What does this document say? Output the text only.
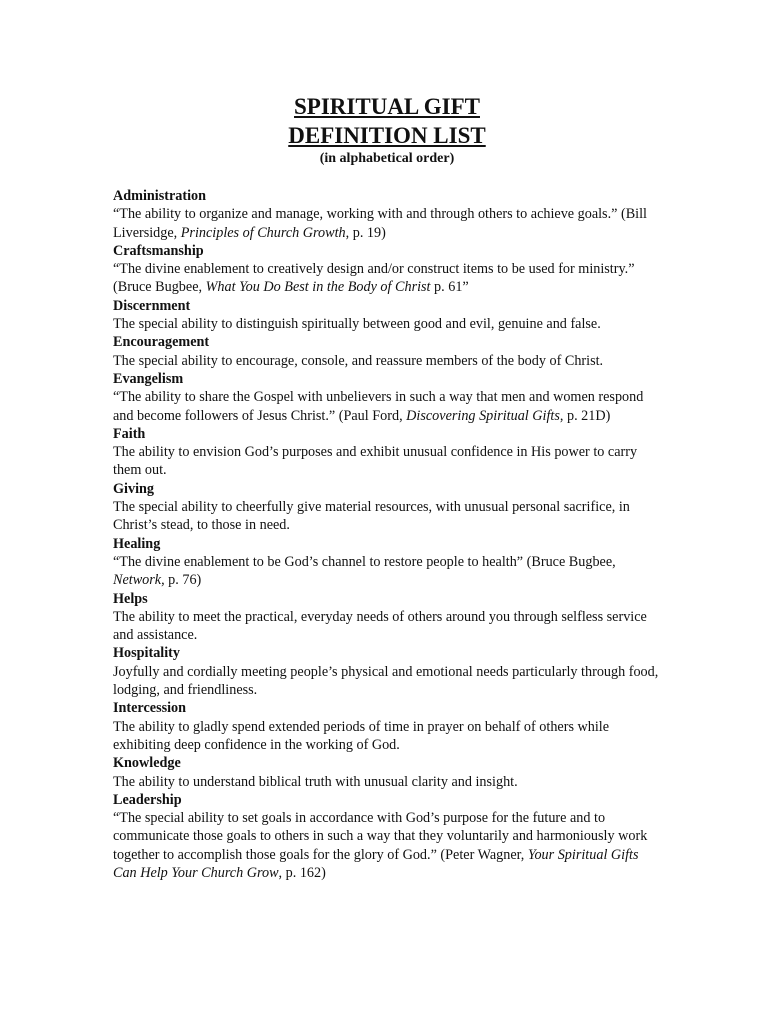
SPIRITUAL GIFT

DEFINITION LIST

(in alphabetical order)

Administration

“The ability to organize and manage, working with and through others to achieve goals.” (Bill Liversidge, Principles of Church Growth, p. 19)

Craftsmanship

“The divine enablement to creatively design and/or construct items to be used for ministry.” (Bruce Bugbee, What You Do Best in the Body of Christ p. 61”

Discernment

The special ability to distinguish spiritually between good and evil, genuine and false.

Encouragement

The special ability to encourage, console, and reassure members of the body of Christ.

Evangelism

“The ability to share the Gospel with unbelievers in such a way that men and women respond and become followers of Jesus Christ.” (Paul Ford, Discovering Spiritual Gifts, p. 21D)

Faith

The ability to envision God’s purposes and exhibit unusual confidence in His power to carry them out.

Giving

The special ability to cheerfully give material resources, with unusual personal sacrifice, in Christ’s stead, to those in need.

Healing

“The divine enablement to be God’s channel to restore people to health” (Bruce Bugbee, Network, p. 76)

Helps

The ability to meet the practical, everyday needs of others around you through selfless service and assistance.

Hospitality

Joyfully and cordially meeting people’s physical and emotional needs particularly through food, lodging, and friendliness.

Intercession

The ability to gladly spend extended periods of time in prayer on behalf of others while exhibiting deep confidence in the working of God.

Knowledge

The ability to understand biblical truth with unusual clarity and insight.

Leadership

“The special ability to set goals in accordance with God’s purpose for the future and to communicate those goals to others in such a way that they voluntarily and harmoniously work together to accomplish those goals for the glory of God.” (Peter Wagner, Your Spiritual Gifts Can Help Your Church Grow, p. 162)
